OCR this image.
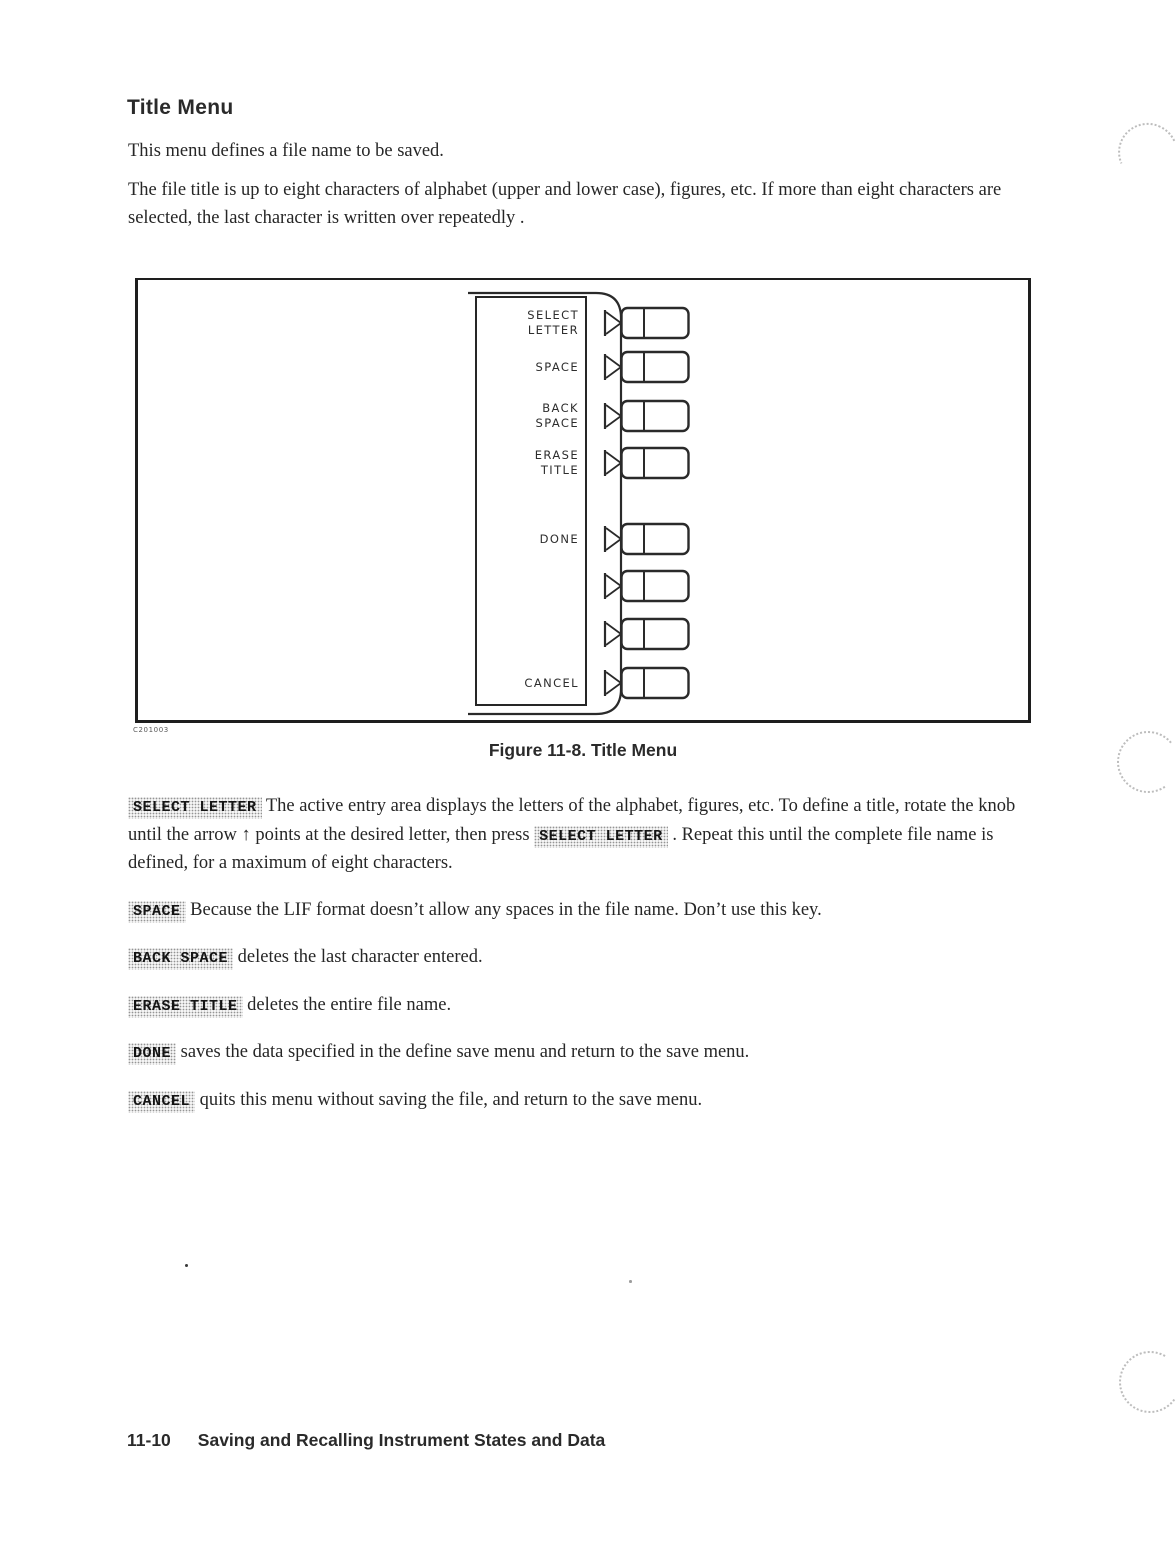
Title Menu

This menu defines a file name to be saved.

The file title is up to eight characters of alphabet (upper and lower case), figures, etc. If more than eight characters are selected, the last character is written over repeatedly .

SELECT
LETTER
SPACE
BACK
SPACE
ERASE
TITLE
DONE
CANCEL
C201003
Figure 11-8. Title Menu

SELECT LETTER The active entry area displays the letters of the alphabet, figures, etc. To define a title, rotate the knob until the arrow ↑ points at the desired letter, then press SELECT LETTER . Repeat this until the complete file name is defined, for a maximum of eight characters.

SPACE Because the LIF format doesn’t allow any spaces in the file name. Don’t use this key.

BACK SPACE deletes the last character entered.

ERASE TITLE deletes the entire file name.

DONE saves the data specified in the define save menu and return to the save menu.

CANCEL quits this menu without saving the file, and return to the save menu.

11-10 Saving and Recalling Instrument States and Data
